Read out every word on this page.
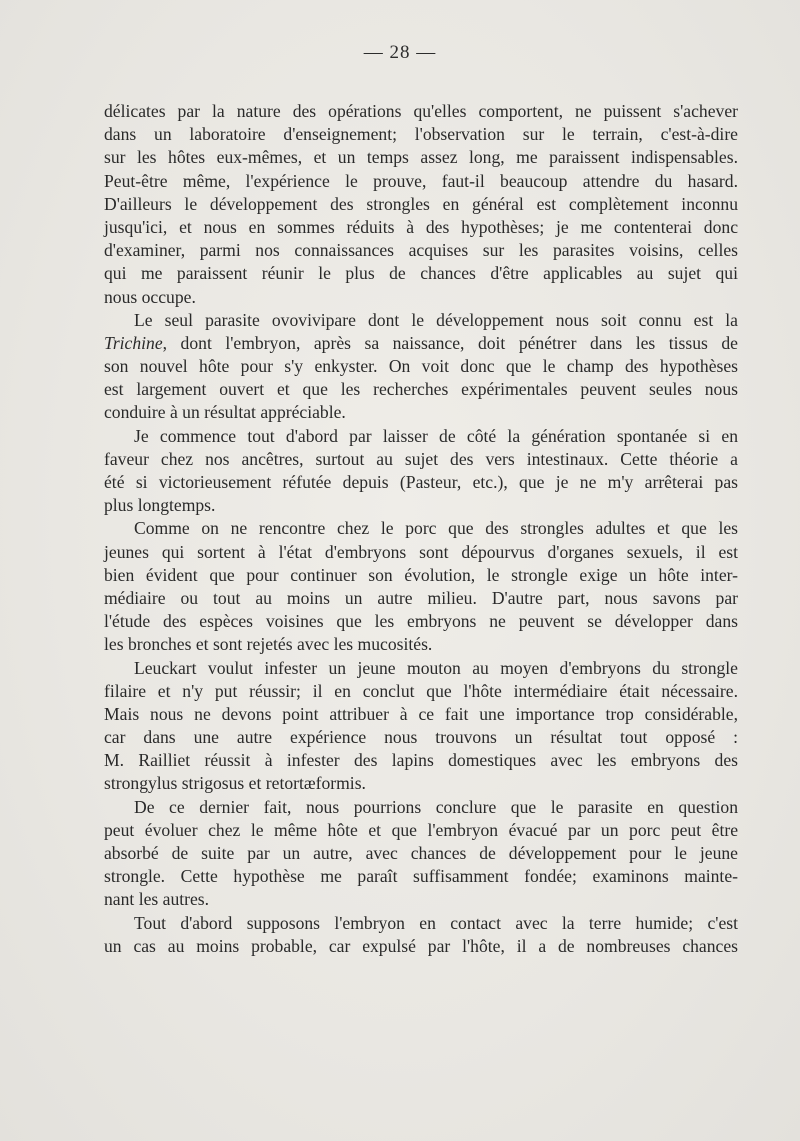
— 28 —
délicates par la nature des opérations qu'elles comportent, ne puissent s'achever
dans un laboratoire d'enseignement; l'observation sur le terrain, c'est-à-dire
sur les hôtes eux-mêmes, et un temps assez long, me paraissent indispensables.
Peut-être même, l'expérience le prouve, faut-il beaucoup attendre du hasard.
D'ailleurs le développement des strongles en général est complètement inconnu
jusqu'ici, et nous en sommes réduits à des hypothèses; je me contenterai donc
d'examiner, parmi nos connaissances acquises sur les parasites voisins, celles
qui me paraissent réunir le plus de chances d'être applicables au sujet qui
nous occupe.
Le seul parasite ovovivipare dont le développement nous soit connu est la
Trichine, dont l'embryon, après sa naissance, doit pénétrer dans les tissus de
son nouvel hôte pour s'y enkyster. On voit donc que le champ des hypothèses
est largement ouvert et que les recherches expérimentales peuvent seules nous
conduire à un résultat appréciable.
Je commence tout d'abord par laisser de côté la génération spontanée si en
faveur chez nos ancêtres, surtout au sujet des vers intestinaux. Cette théorie a
été si victorieusement réfutée depuis (Pasteur, etc.), que je ne m'y arrêterai pas
plus longtemps.
Comme on ne rencontre chez le porc que des strongles adultes et que les
jeunes qui sortent à l'état d'embryons sont dépourvus d'organes sexuels, il est
bien évident que pour continuer son évolution, le strongle exige un hôte inter-
médiaire ou tout au moins un autre milieu. D'autre part, nous savons par
l'étude des espèces voisines que les embryons ne peuvent se développer dans
les bronches et sont rejetés avec les mucosités.
Leuckart voulut infester un jeune mouton au moyen d'embryons du strongle
filaire et n'y put réussir; il en conclut que l'hôte intermédiaire était nécessaire.
Mais nous ne devons point attribuer à ce fait une importance trop considérable,
car dans une autre expérience nous trouvons un résultat tout opposé :
M. Railliet réussit à infester des lapins domestiques avec les embryons des
strongylus strigosus et retortæformis.
De ce dernier fait, nous pourrions conclure que le parasite en question
peut évoluer chez le même hôte et que l'embryon évacué par un porc peut être
absorbé de suite par un autre, avec chances de développement pour le jeune
strongle. Cette hypothèse me paraît suffisamment fondée; examinons mainte-
nant les autres.
Tout d'abord supposons l'embryon en contact avec la terre humide; c'est
un cas au moins probable, car expulsé par l'hôte, il a de nombreuses chances
